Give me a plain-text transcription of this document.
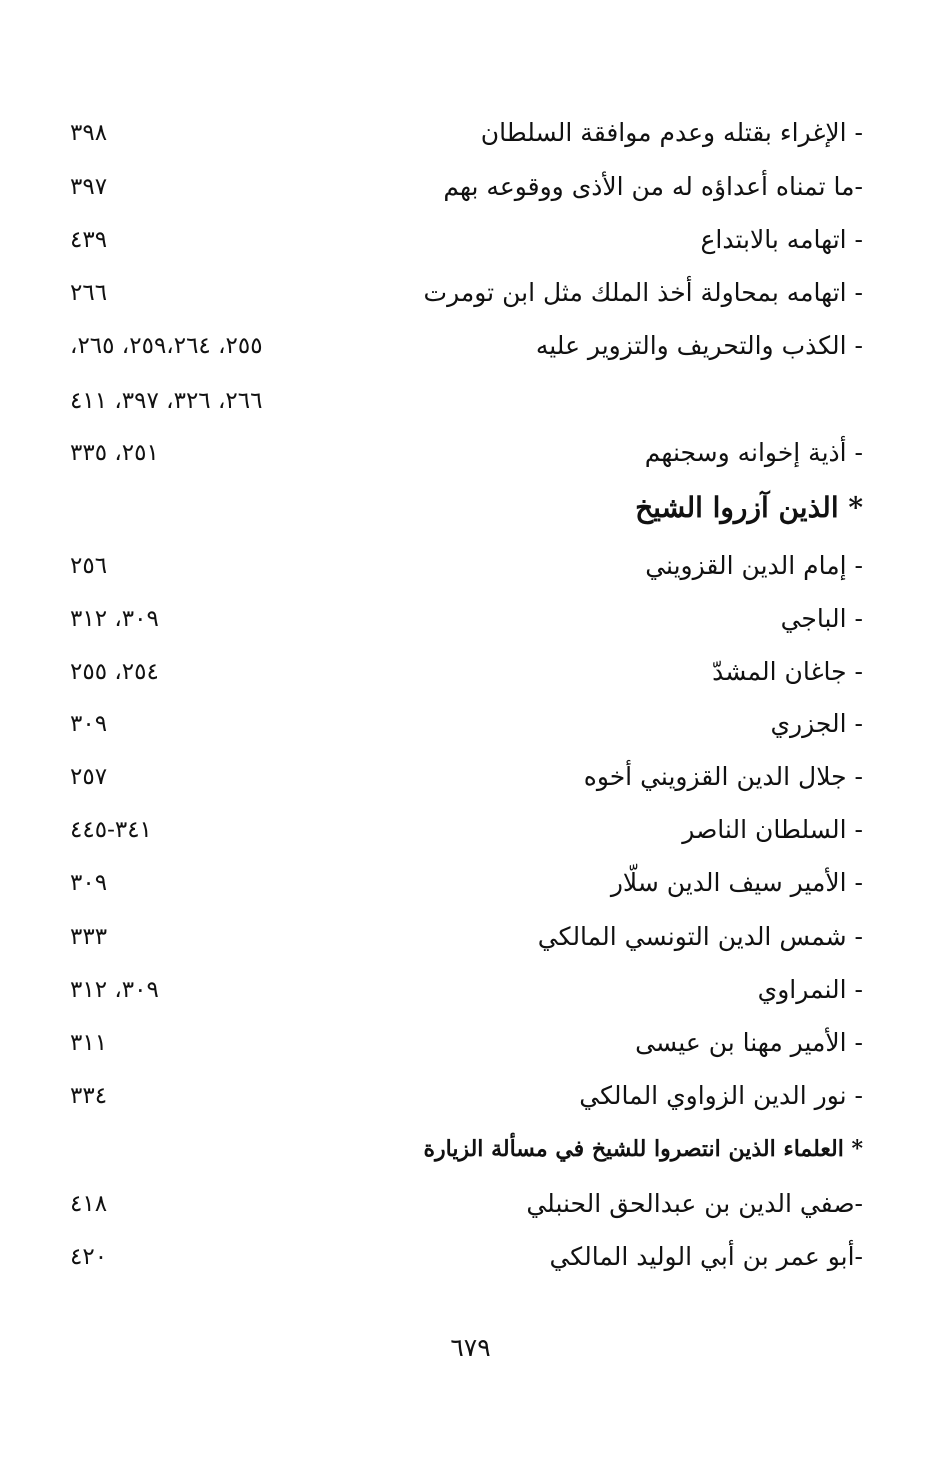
- الإغراء بقتله وعدم موافقة السلطان
٣٩٨
-ما تمناه أعداؤه له من الأذى ووقوعه بهم
٣٩٧
- اتهامه بالابتداع
٤٣٩
- اتهامه بمحاولة أخذ الملك مثل ابن تومرت
٢٦٦
- الكذب والتحريف والتزوير عليه
٢٥٥، ٢٥٩،٢٦٤، ٢٦٥،
٢٦٦، ٣٢٦، ٣٩٧، ٤١١
- أذية إخوانه وسجنهم
٢٥١، ٣٣٥
* الذين آزروا الشيخ
- إمام الدين القزويني
٢٥٦
- الباجي
٣٠٩، ٣١٢
- جاغان المشدّ
٢٥٤، ٢٥٥
- الجزري
٣٠٩
- جلال الدين القزويني أخوه
٢٥٧
- السلطان الناصر
٣٤١-٤٤٥
- الأمير سيف الدين سلّار
٣٠٩
- شمس الدين التونسي المالكي
٣٣٣
- النمراوي
٣٠٩، ٣١٢
- الأمير مهنا بن عيسى
٣١١
- نور الدين الزواوي المالكي
٣٣٤
* العلماء الذين انتصروا للشيخ في مسألة الزيارة
-صفي الدين بن عبدالحق الحنبلي
٤١٨
-أبو عمر بن أبي الوليد المالكي
٤٢٠
٦٧٩
